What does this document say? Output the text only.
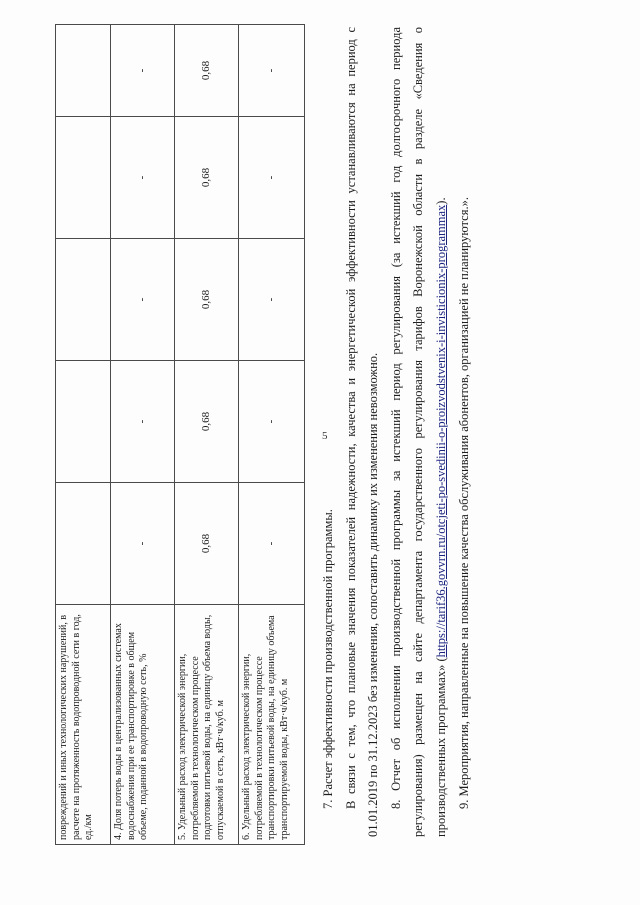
5
повреждений и иных технологических нарушений, в расчете на протяженность водопроводной сети в год, ед./км					
4. Доля потерь воды в централизованных системах водоснабжения при ее транспортировке в общем объеме, поданной в водопроводную сеть, %	-	-	-	-	-
5. Удельный расход электрической энергии, потребляемой в технологическом процессе подготовки питьевой воды, на единицу объема воды, отпускаемой в сеть, кВт·ч/куб. м	0,68	0,68	0,68	0,68	0,68
6. Удельный расход электрической энергии, потребляемой в технологическом процессе транспортировки питьевой воды, на единицу объема транспортируемой воды, кВт·ч/куб. м	-	-	-	-	-

7. Расчет эффективности производственной программы. В связи с тем, что плановые значения показателей надежности, качества и энергетической эффективности устанавливаются на период с 01.01.2019 по 31.12.2023 без изменения, сопоставить динамику их изменения невозможно. 8. Отчет об исполнении производственной программы за истекший период регулирования (за истекший год долгосрочного периода регулирования) размещен на сайте департамента государственного регулирования тарифов Воронежской области в разделе «Сведения о производственных программах» (https://tarif36.govvrn.ru/otcjeti-po-svedinii-o-proizvodstvenix-i-invisticionix-programmax). 9. Мероприятия, направленные на повышение качества обслуживания абонентов, организацией не планируются.».
